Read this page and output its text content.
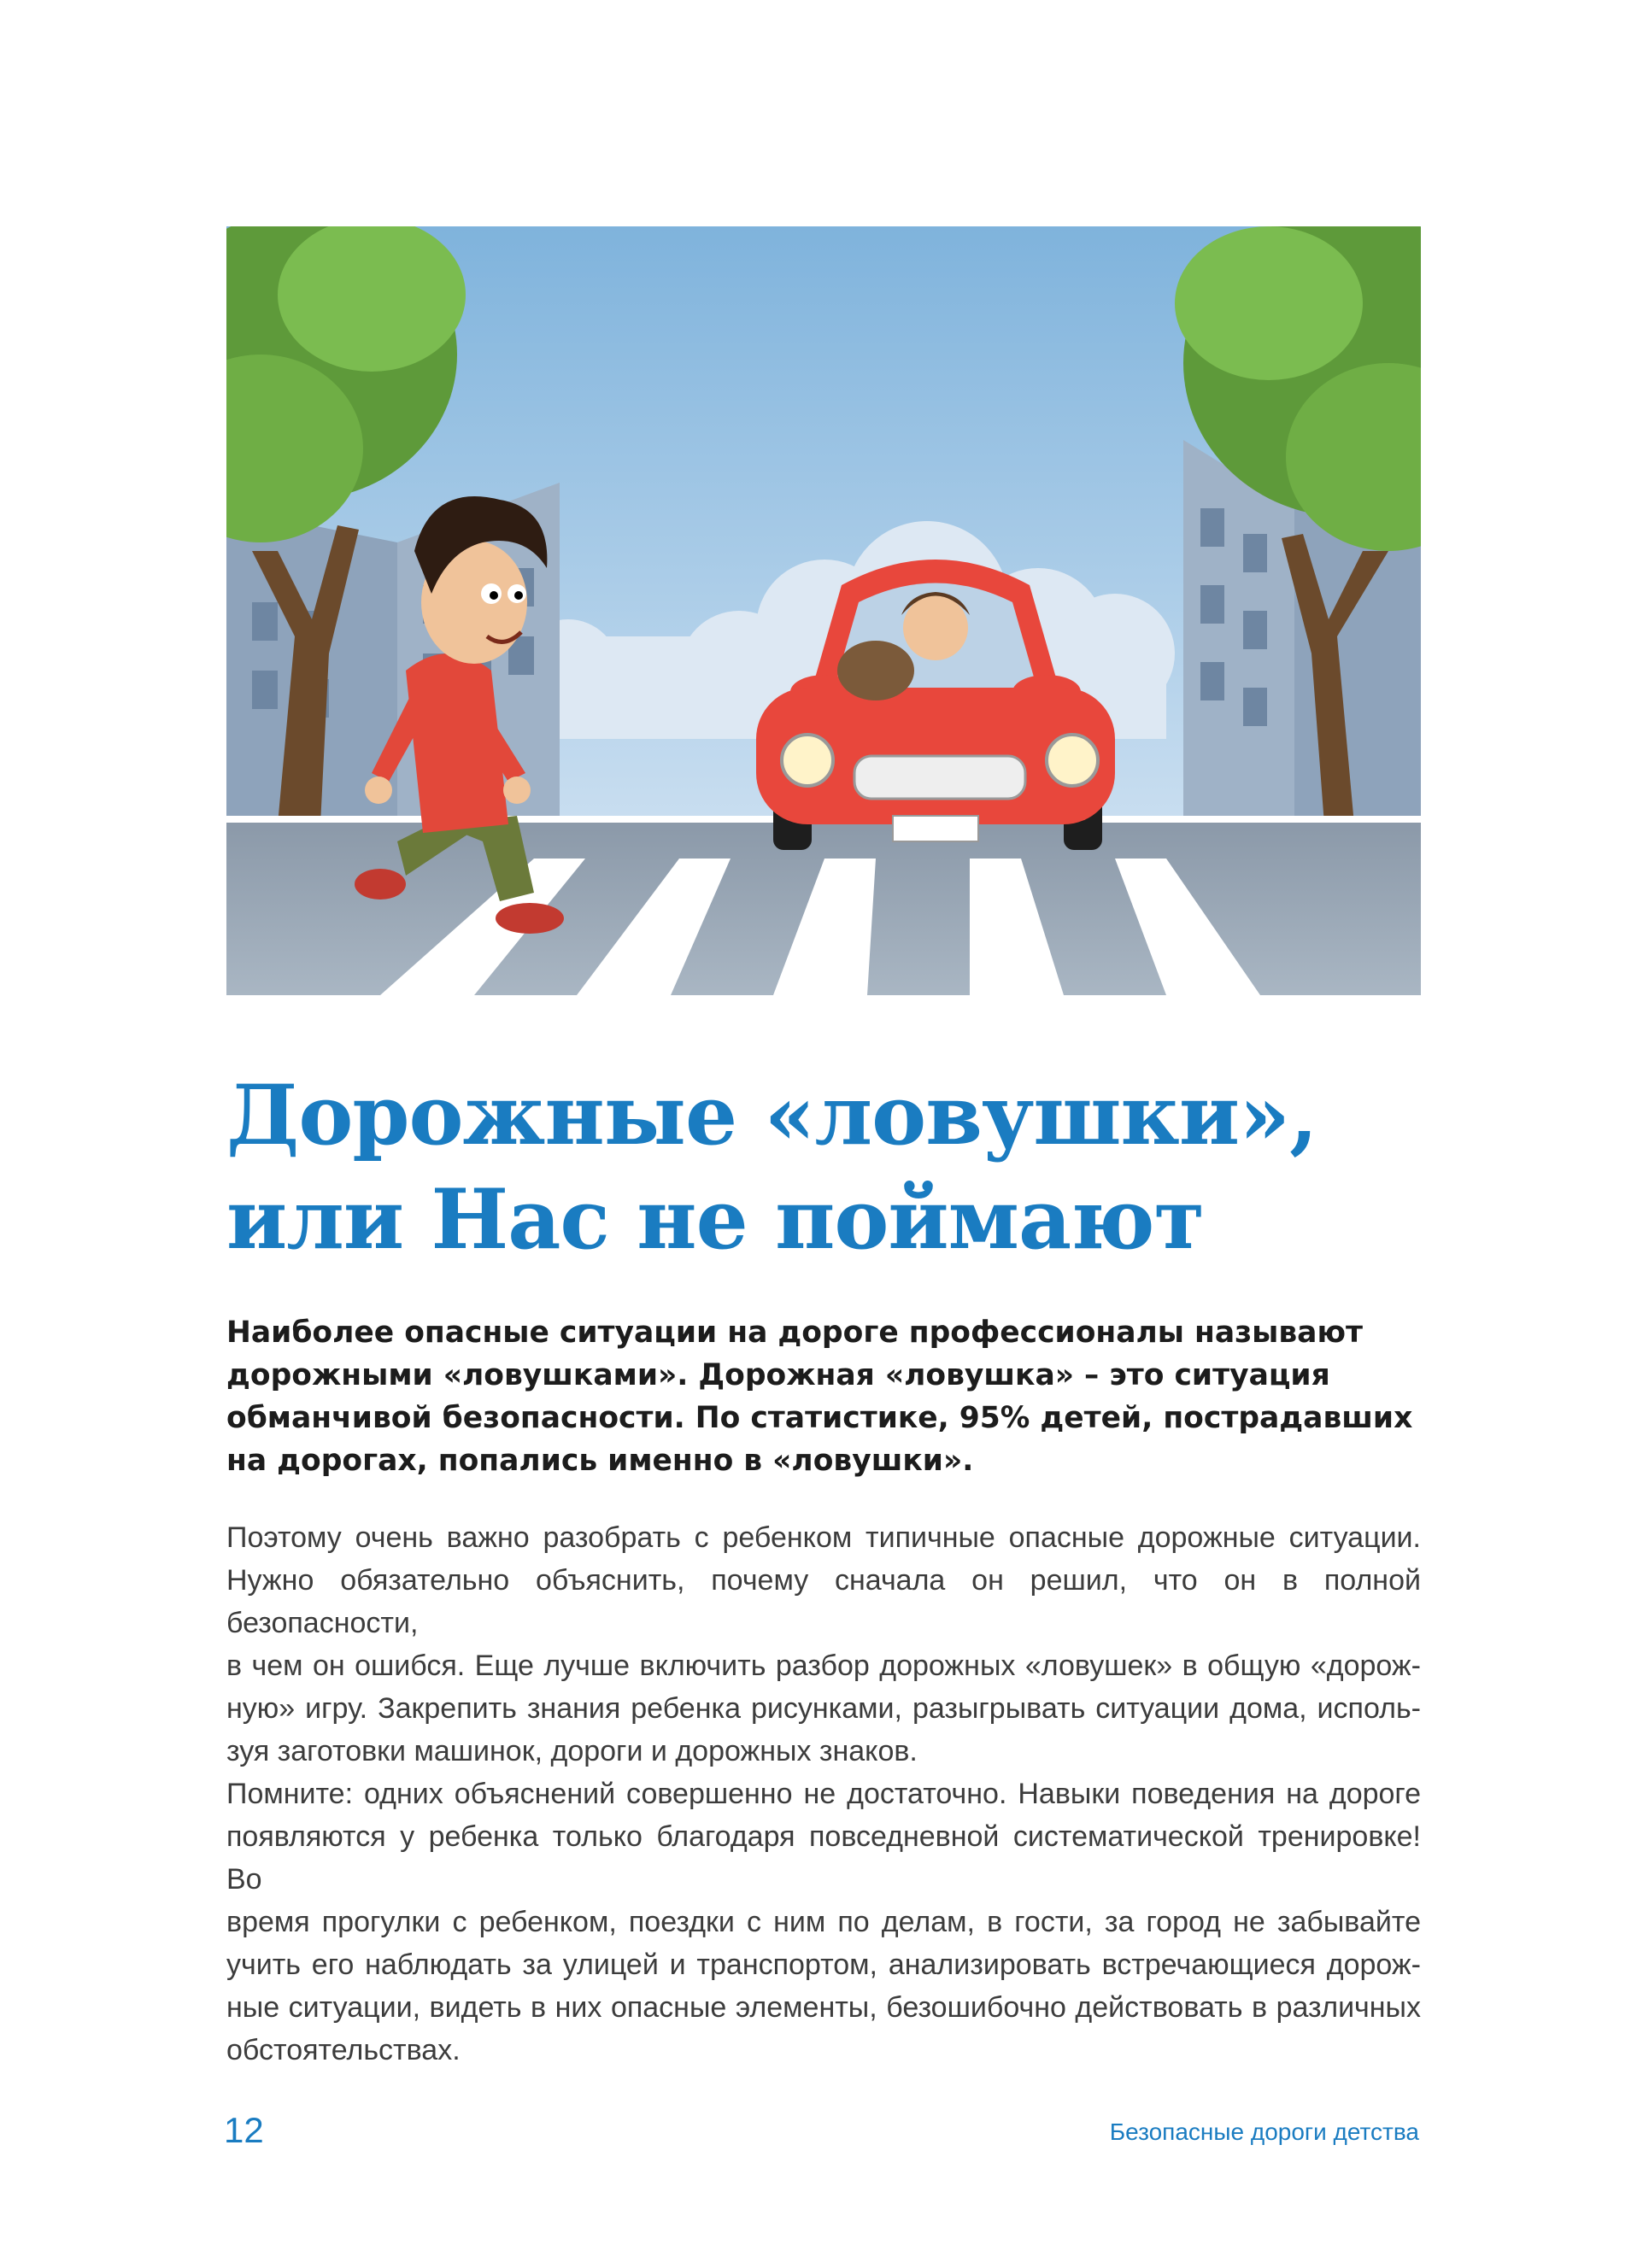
Дорожные «ловушки»,
или Нас не поймают
Наиболее опасные ситуации на дороге профессионалы называют
дорожными «ловушками». Дорожная «ловушка» – это ситуация
обманчивой безопасности. По статистике, 95% детей, пострадавших
на дорогах, попались именно в «ловушки».
Поэтому очень важно разобрать с ребенком типичные опасные дорожные ситуации.
Нужно обязательно объяснить, почему сначала он решил, что он в полной безопасности,
в чем он ошибся. Еще лучше включить разбор дорожных «ловушек» в общую «дорож-
ную» игру. Закрепить знания ребенка рисунками, разыгрывать ситуации дома, исполь-
зуя заготовки машинок, дороги и дорожных знаков.
Помните: одних объяснений совершенно не достаточно. Навыки поведения на дороге
появляются у ребенка только благодаря повседневной систематической тренировке! Во
время прогулки с ребенком, поездки с ним по делам, в гости, за город не забывайте
учить его наблюдать за улицей и транспортом, анализировать встречающиеся дорож-
ные ситуации, видеть в них опасные элементы, безошибочно действовать в различных
обстоятельствах.
12	Безопасные дороги детства
